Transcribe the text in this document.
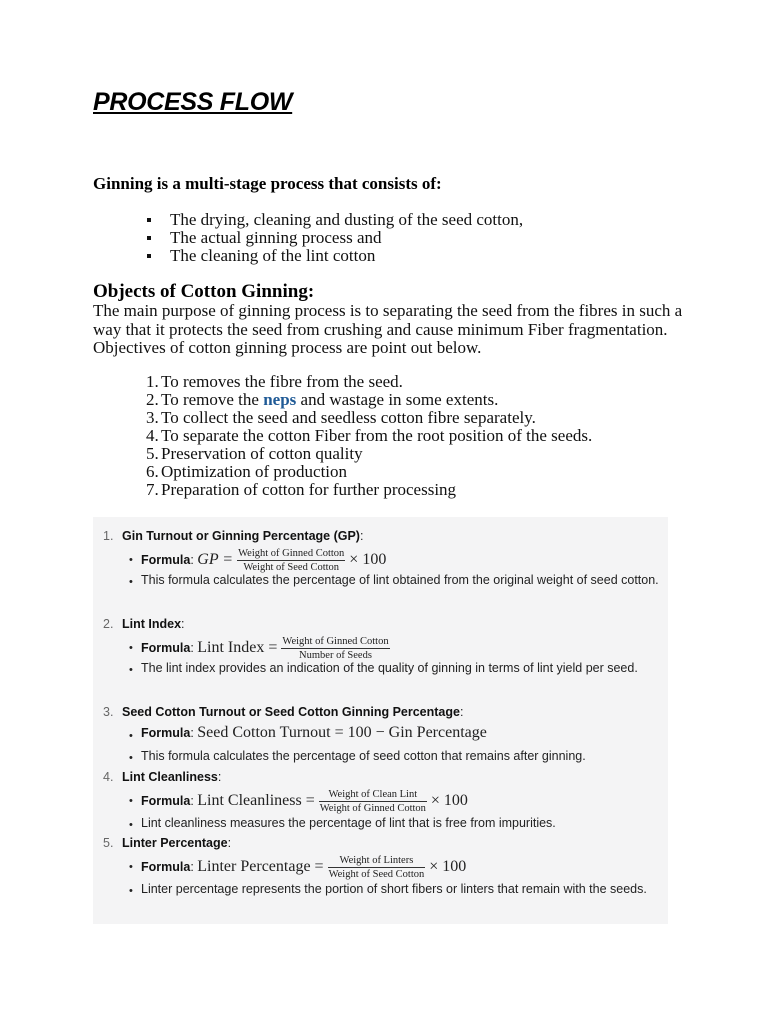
PROCESS FLOW

Ginning is a multi-stage process that consists of:

The drying, cleaning and dusting of the seed cotton,
The actual ginning process and
The cleaning of the lint cotton
Objects of Cotton Ginning:

The main purpose of ginning process is to separating the seed from the fibres in such a way that it protects the seed from crushing and cause minimum Fiber fragmentation. Objectives of cotton ginning process are point out below.

1. To removes the fibre from the seed.
2. To remove the neps and wastage in some extents.
3. To collect the seed and seedless cotton fibre separately.
4. To separate the cotton Fiber from the root position of the seeds.
5. Preservation of cotton quality
6. Optimization of production
7. Preparation of cotton for further processing

1. Gin Turnout or Ginning Percentage (GP):

• Formula: GP = $\frac{\text{Weight of Ginned Cotton}}{\text{Weight of Seed Cotton}} \times 100$
• This formula calculates the percentage of lint obtained from the original weight of seed cotton.

2. Lint Index:

• Formula: Lint Index = $\frac{\text{Weight of Ginned Cotton}}{\text{Number of Seeds}}$
• The lint index provides an indication of the quality of ginning in terms of lint yield per seed.

3. Seed Cotton Turnout or Seed Cotton Ginning Percentage:

• Formula: Seed Cotton Turnout = 100 − Gin Percentage
• This formula calculates the percentage of seed cotton that remains after ginning.

4. Lint Cleanliness:

• Formula: Lint Cleanliness = $\frac{\text{Weight of Clean Lint}}{\text{Weight of Ginned Cotton}} \times 100$
• Lint cleanliness measures the percentage of lint that is free from impurities.

5. Linter Percentage:

• Formula: Linter Percentage = $\frac{\text{Weight of Linters}}{\text{Weight of Seed Cotton}} \times 100$
• Linter percentage represents the portion of short fibers or linters that remain with the seeds.
